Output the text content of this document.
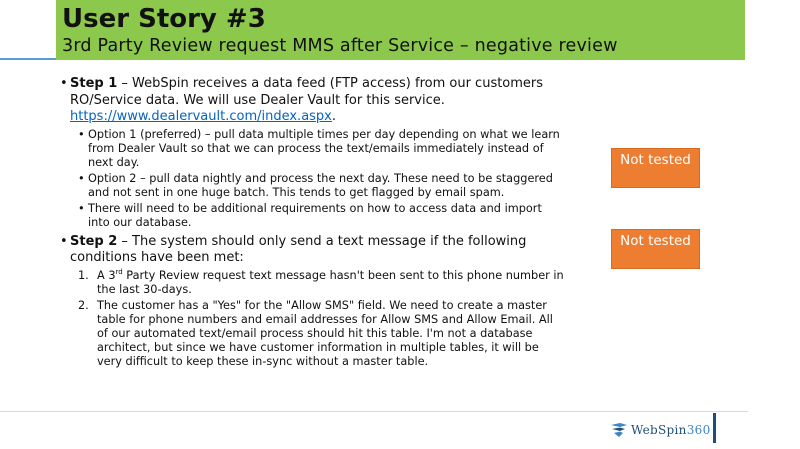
User Story #3
3rd Party Review request MMS after Service – negative review
• Step 1 – WebSpin receives a data feed (FTP access) from our customers RO/Service data. We will use Dealer Vault for this service. https://www.dealervault.com/index.aspx.
• Option 1 (preferred) – pull data multiple times per day depending on what we learn from Dealer Vault so that we can process the text/emails immediately instead of next day.
• Option 2 – pull data nightly and process the next day. These need to be staggered and not sent in one huge batch. This tends to get flagged by email spam.
• There will need to be additional requirements on how to access data and import into our database.
• Step 2 – The system should only send a text message if the following conditions have been met:
1. A 3rd Party Review request text message hasn't been sent to this phone number in the last 30-days.
2. The customer has a "Yes" for the "Allow SMS" field. We need to create a master table for phone numbers and email addresses for Allow SMS and Allow Email. All of our automated text/email process should hit this table. I'm not a database architect, but since we have customer information in multiple tables, it will be very difficult to keep these in-sync without a master table.
Not tested
Not tested
WebSpin360
